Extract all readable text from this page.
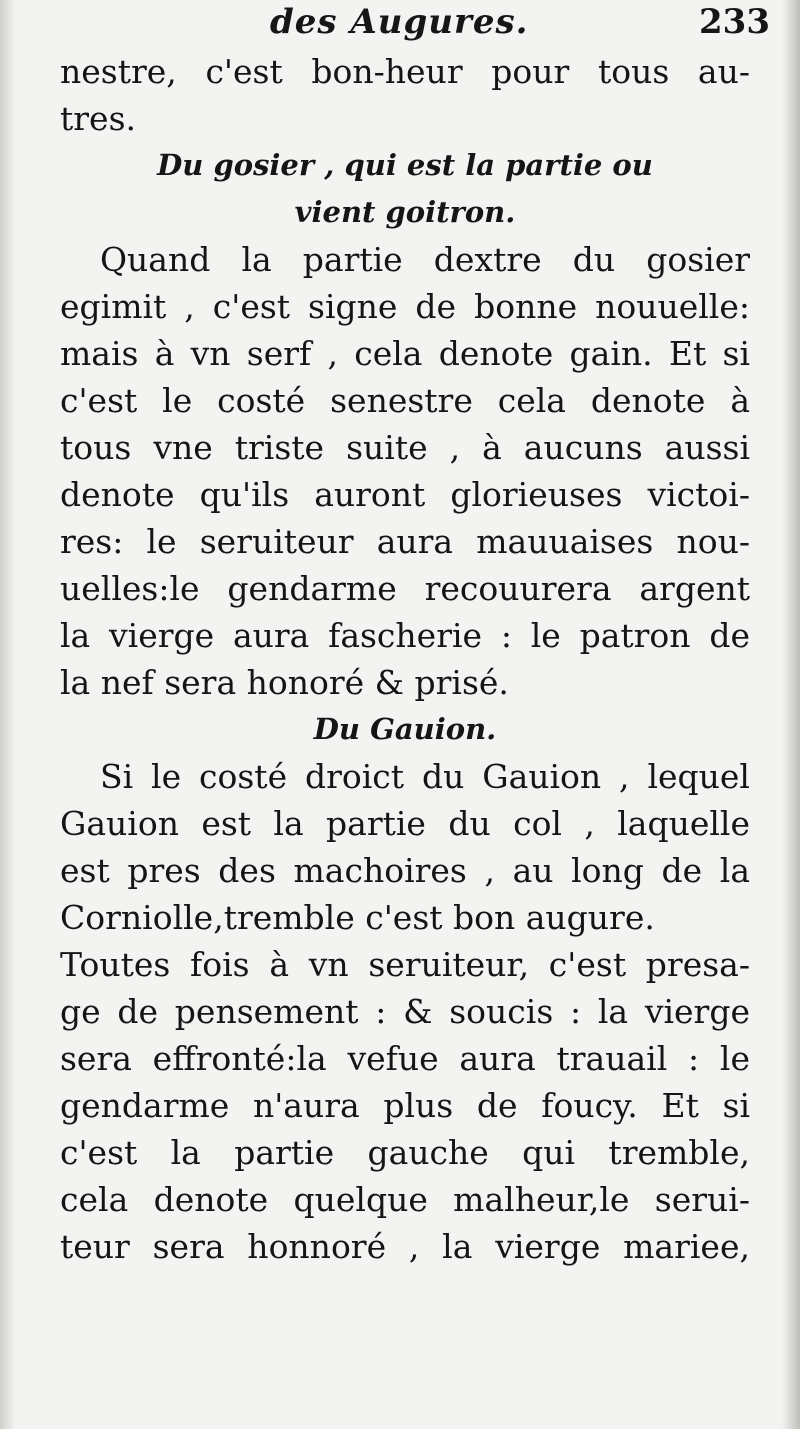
des Augures.	233
nestre, c'est bon-heur pour tous au-
tres.
Du gosier , qui est la partie ou
vient goitron.
Quand la partie dextre du gosier
egimit , c'est signe de bonne nouuelle:
mais à vn serf , cela denote gain. Et si
c'est le costé senestre cela denote à
tous vne triste suite , à aucuns aussi
denote qu'ils auront glorieuses victoi-
res: le seruiteur aura mauuaises nou-
uelles:le gendarme recouurera argent
la vierge aura fascherie : le patron de
la nef sera honoré & prisé.
Du Gauion.
Si le costé droict du Gauion , lequel
Gauion est la partie du col , laquelle
est pres des machoires , au long de la
Corniolle,tremble c'est bon augure.
Toutes fois à vn seruiteur, c'est presa-
ge de pensement : & soucis : la vierge
sera effronté:la vefue aura trauail : le
gendarme n'aura plus de foucy. Et si
c'est la partie gauche qui tremble,
cela denote quelque malheur,le serui-
teur sera honnoré , la vierge mariee,
